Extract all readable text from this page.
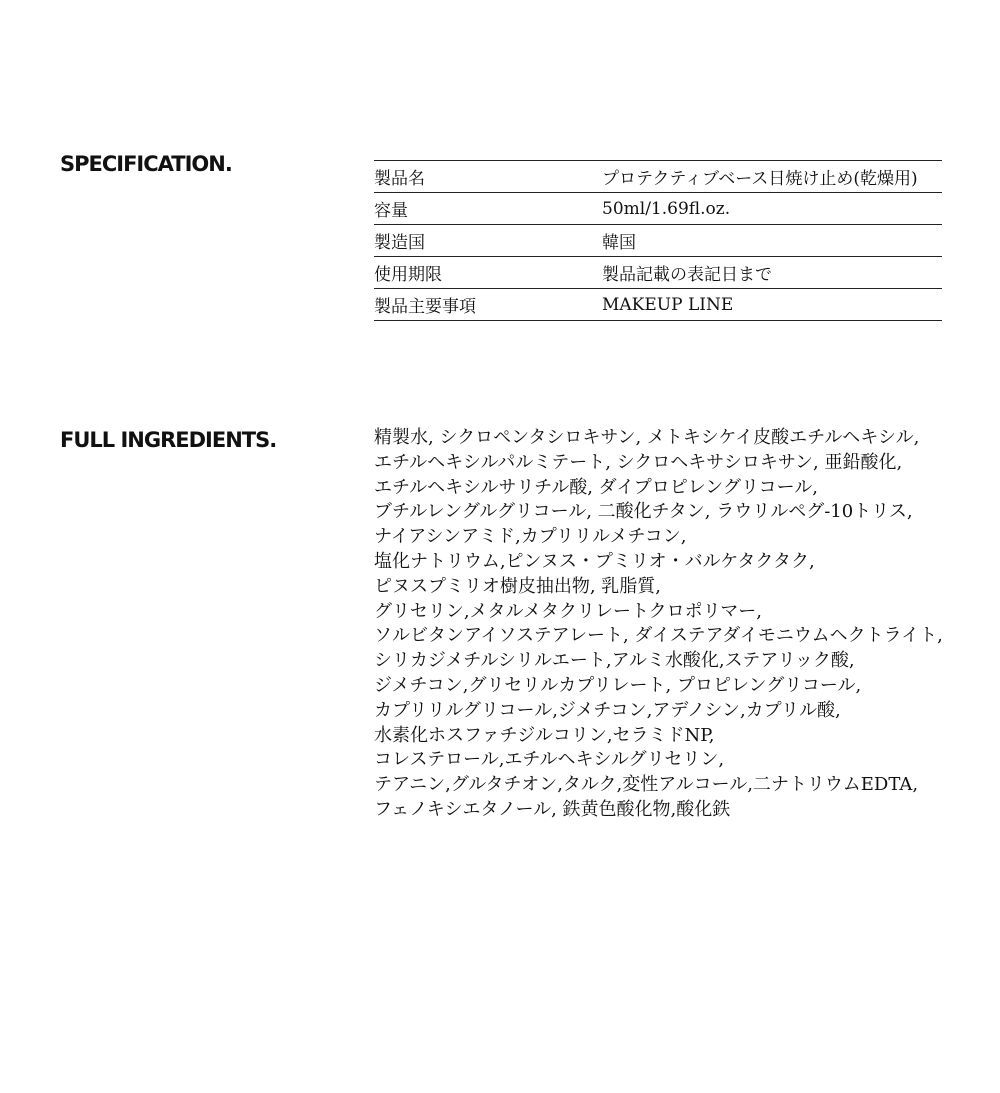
SPECIFICATION.
製品名	プロテクティブベース日焼け止め(乾燥用)
容量	50ml/1.69fl.oz.
製造国	韓国
使用期限	製品記載の表記日まで
製品主要事項	MAKEUP LINE
FULL INGREDIENTS.	精製水, シクロペンタシロキサン, メトキシケイ皮酸エチルヘキシル,
エチルヘキシルパルミテート, シクロヘキサシロキサン, 亜鉛酸化,
エチルヘキシルサリチル酸, ダイプロピレングリコール,
ブチルレングルグリコール, 二酸化チタン, ラウリルペグ-10トリス,
ナイアシンアミド,カプリリルメチコン,
塩化ナトリウム,ピンヌス・プミリオ・バルケタクタク,
ピヌスプミリオ樹皮抽出物, 乳脂質,
グリセリン,メタルメタクリレートクロポリマー,
ソルビタンアイソステアレート, ダイステアダイモニウムヘクトライト,
シリカジメチルシリルエート,アルミ水酸化,ステアリック酸,
ジメチコン,グリセリルカプリレート, プロピレングリコール,
カプリリルグリコール,ジメチコン,アデノシン,カプリル酸,
水素化ホスファチジルコリン,セラミドNP,
コレステロール,エチルヘキシルグリセリン,
テアニン,グルタチオン,タルク,変性アルコール,二ナトリウムEDTA,
フェノキシエタノール, 鉄黄色酸化物,酸化鉄
